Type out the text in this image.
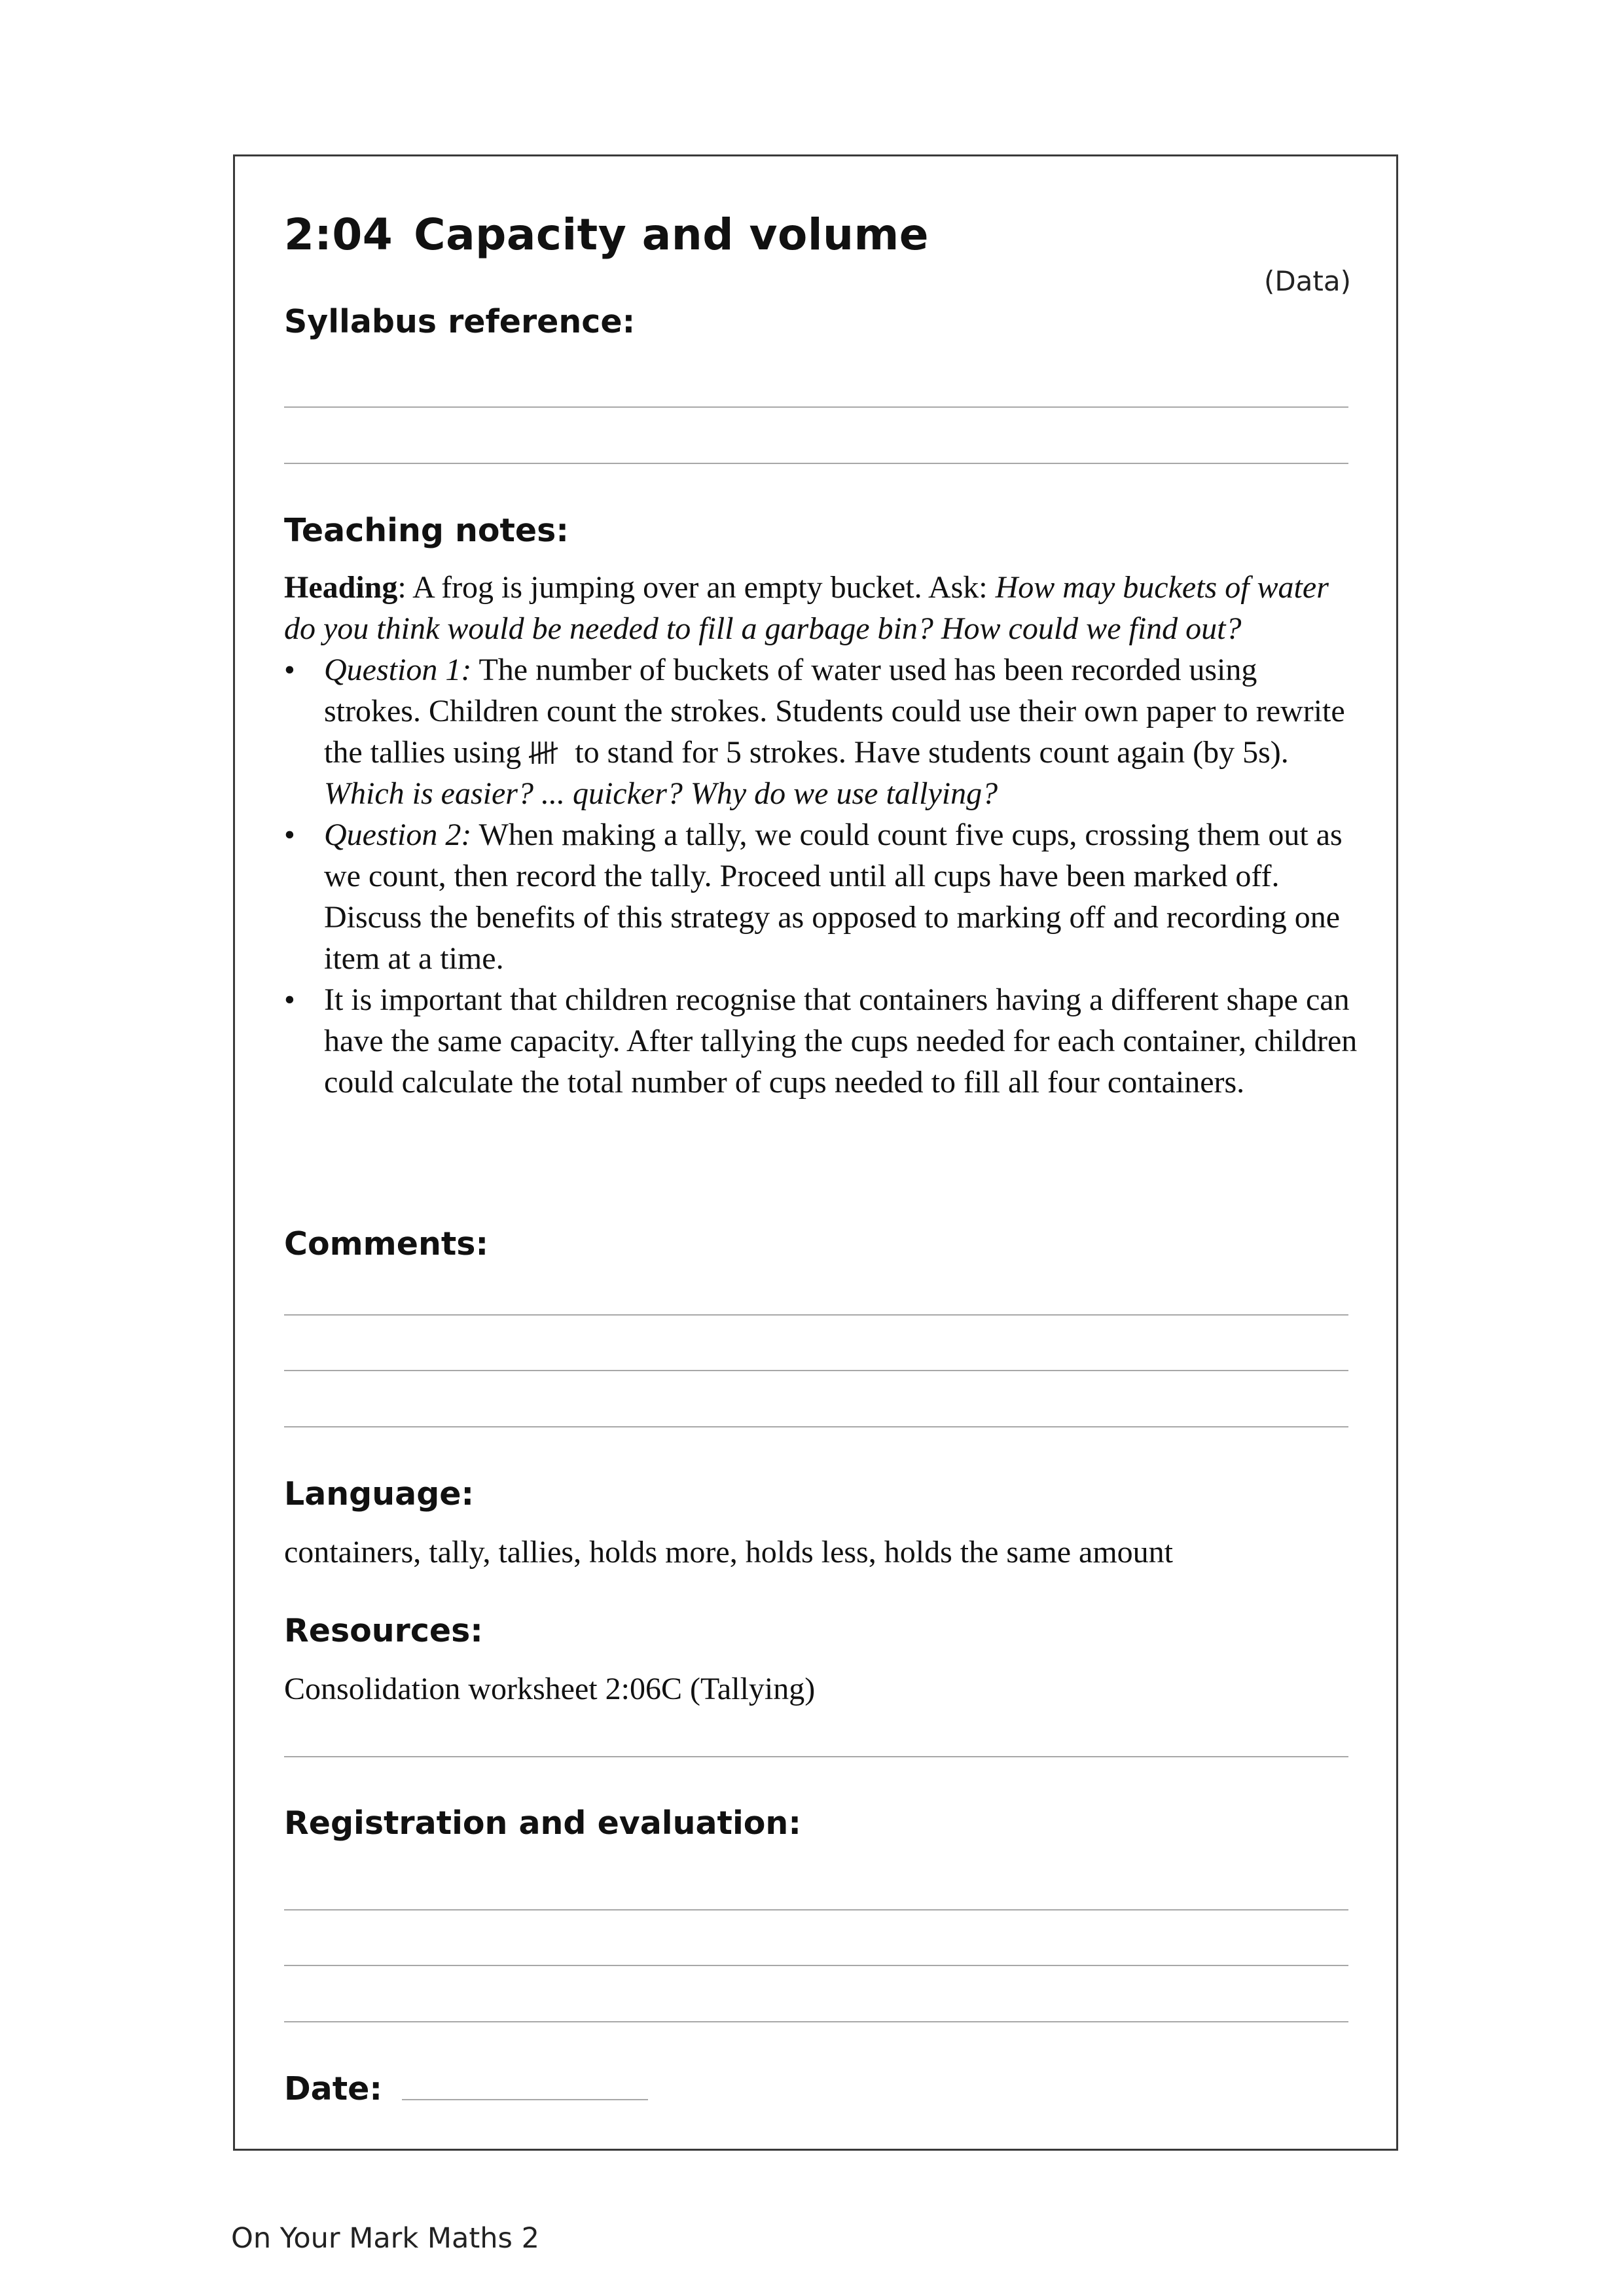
2:04 Capacity and volume
(Data)
Syllabus reference:
Teaching notes:

Heading: A frog is jumping over an empty bucket. Ask: How may buckets of water do you think would be needed to fill a garbage bin? How could we find out?

• Question 1: The number of buckets of water used has been recorded using strokes. Children count the strokes. Students could use their own paper to rewrite the tallies using  to stand for 5 strokes. Have students count again (by 5s). Which is easier? ... quicker? Why do we use tallying?
• Question 2: When making a tally, we could count five cups, crossing them out as we count, then record the tally. Proceed until all cups have been marked off. Discuss the benefits of this strategy as opposed to marking off and recording one item at a time.
• It is important that children recognise that containers having a different shape can have the same capacity. After tallying the cups needed for each container, children could calculate the total number of cups needed to fill all four containers.
Comments:
Language:
containers, tally, tallies, holds more, holds less, holds the same amount
Resources:
Consolidation worksheet 2:06C (Tallying)
Registration and evaluation:
Date:
On Your Mark Maths 2
